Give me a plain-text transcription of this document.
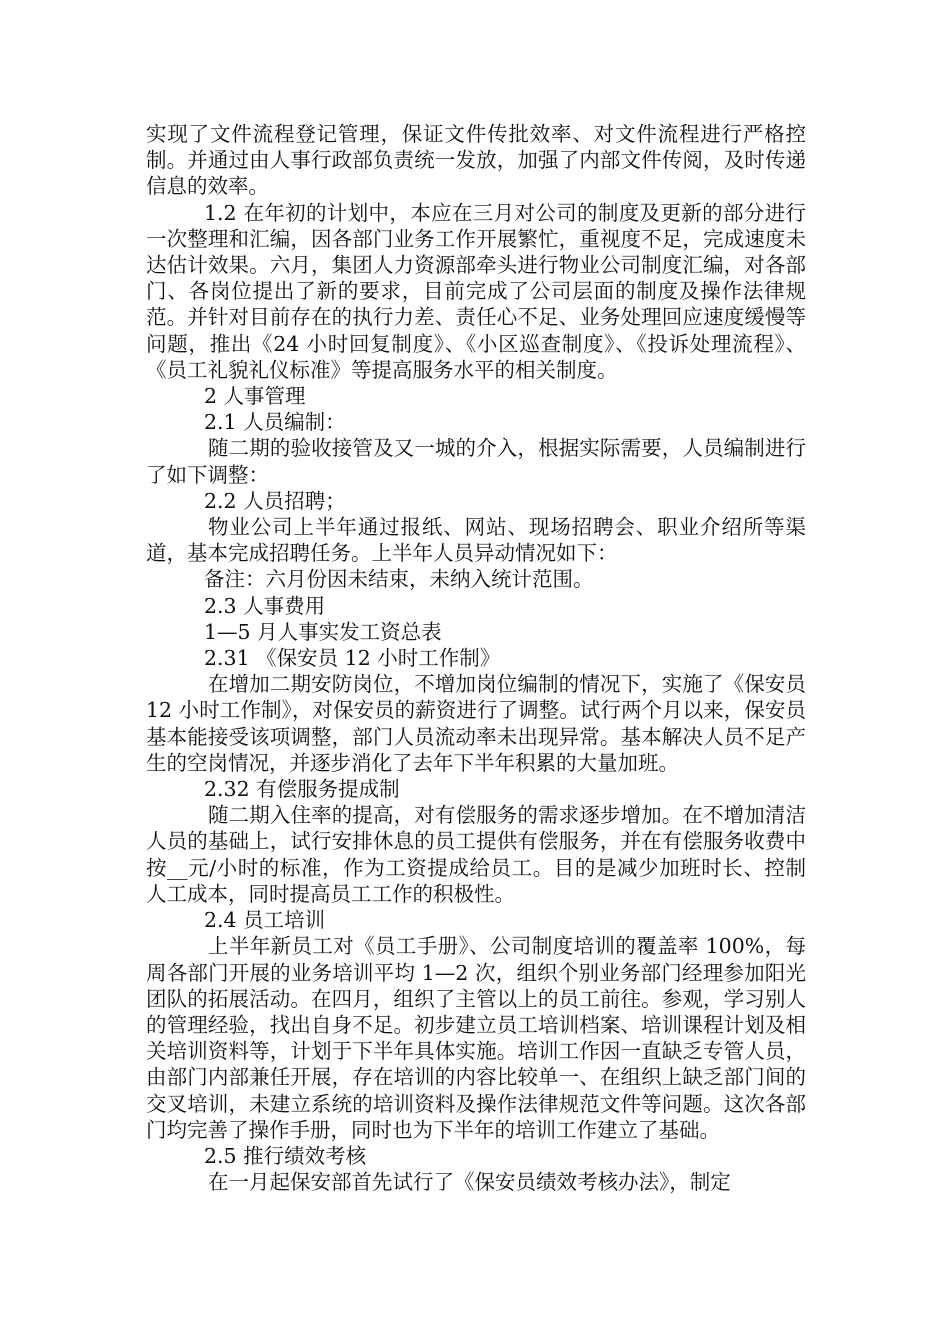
实现了文件流程登记管理，保证文件传批效率、对文件流程进行严格控制。并通过由人事行政部负责统一发放，加强了内部文件传阅，及时传递信息的效率。

1.2 在年初的计划中，本应在三月对公司的制度及更新的部分进行一次整理和汇编，因各部门业务工作开展繁忙，重视度不足，完成速度未达估计效果。六月，集团人力资源部牵头进行物业公司制度汇编，对各部门、各岗位提出了新的要求，目前完成了公司层面的制度及操作法律规范。并针对目前存在的执行力差、责任心不足、业务处理回应速度缓慢等问题，推出《24 小时回复制度》、《小区巡查制度》、《投诉处理流程》、《员工礼貌礼仪标准》等提高服务水平的相关制度。

2 人事管理

2.1 人员编制：

随二期的验收接管及又一城的介入，根据实际需要，人员编制进行了如下调整：

2.2 人员招聘；

物业公司上半年通过报纸、网站、现场招聘会、职业介绍所等渠道，基本完成招聘任务。上半年人员异动情况如下：

备注：六月份因未结束，未纳入统计范围。

2.3 人事费用

1—5 月人事实发工资总表

2.31 《保安员 12 小时工作制》

在增加二期安防岗位，不增加岗位编制的情况下，实施了《保安员 12 小时工作制》，对保安员的薪资进行了调整。试行两个月以来，保安员基本能接受该项调整，部门人员流动率未出现异常。基本解决人员不足产生的空岗情况，并逐步消化了去年下半年积累的大量加班。

2.32 有偿服务提成制

随二期入住率的提高，对有偿服务的需求逐步增加。在不增加清洁人员的基础上，试行安排休息的员工提供有偿服务，并在有偿服务收费中按__元/小时的标准，作为工资提成给员工。目的是减少加班时长、控制人工成本，同时提高员工工作的积极性。

2.4 员工培训

上半年新员工对《员工手册》、公司制度培训的覆盖率 100%，每周各部门开展的业务培训平均 1—2 次，组织个别业务部门经理参加阳光团队的拓展活动。在四月，组织了主管以上的员工前往。参观，学习别人的管理经验，找出自身不足。初步建立员工培训档案、培训课程计划及相关培训资料等，计划于下半年具体实施。培训工作因一直缺乏专管人员，由部门内部兼任开展，存在培训的内容比较单一、在组织上缺乏部门间的交叉培训，未建立系统的培训资料及操作法律规范文件等问题。这次各部门均完善了操作手册，同时也为下半年的培训工作建立了基础。

2.5 推行绩效考核

在一月起保安部首先试行了《保安员绩效考核办法》，制定
